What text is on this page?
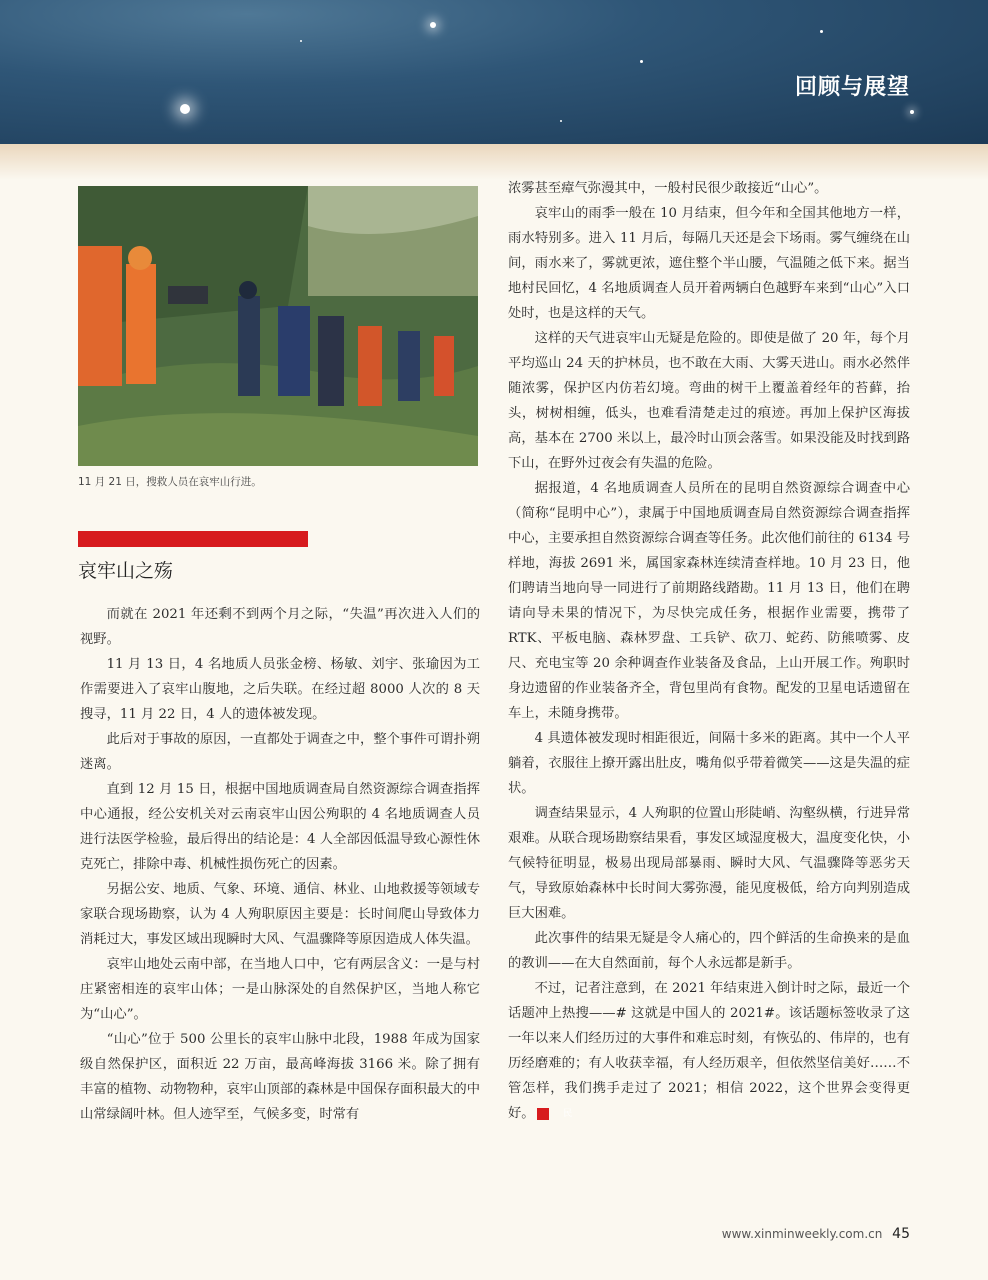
回顾与展望
11 月 21 日，搜救人员在哀牢山行进。
哀牢山之殇

而就在 2021 年还剩不到两个月之际，“失温”再次进入人们的视野。

11 月 13 日，4 名地质人员张金榜、杨敏、刘宇、张瑜因为工作需要进入了哀牢山腹地，之后失联。在经过超 8000 人次的 8 天搜寻，11 月 22 日，4 人的遗体被发现。

此后对于事故的原因，一直都处于调查之中，整个事件可谓扑朔迷离。

直到 12 月 15 日，根据中国地质调查局自然资源综合调查指挥中心通报，经公安机关对云南哀牢山因公殉职的 4 名地质调查人员进行法医学检验，最后得出的结论是：4 人全部因低温导致心源性休克死亡，排除中毒、机械性损伤死亡的因素。

另据公安、地质、气象、环境、通信、林业、山地救援等领域专家联合现场勘察，认为 4 人殉职原因主要是：长时间爬山导致体力消耗过大，事发区域出现瞬时大风、气温骤降等原因造成人体失温。

哀牢山地处云南中部，在当地人口中，它有两层含义：一是与村庄紧密相连的哀牢山体；一是山脉深处的自然保护区，当地人称它为“山心”。

“山心”位于 500 公里长的哀牢山脉中北段，1988 年成为国家级自然保护区，面积近 22 万亩，最高峰海拔 3166 米。除了拥有丰富的植物、动物物种，哀牢山顶部的森林是中国保存面积最大的中山常绿阔叶林。但人迹罕至，气候多变，时常有

浓雾甚至瘴气弥漫其中，一般村民很少敢接近“山心”。

哀牢山的雨季一般在 10 月结束，但今年和全国其他地方一样，雨水特别多。进入 11 月后，每隔几天还是会下场雨。雾气缠绕在山间，雨水来了，雾就更浓，遮住整个半山腰，气温随之低下来。据当地村民回忆，4 名地质调查人员开着两辆白色越野车来到“山心”入口处时，也是这样的天气。

这样的天气进哀牢山无疑是危险的。即使是做了 20 年，每个月平均巡山 24 天的护林员，也不敢在大雨、大雾天进山。雨水必然伴随浓雾，保护区内仿若幻境。弯曲的树干上覆盖着经年的苔藓，抬头，树树相缠，低头，也难看清楚走过的痕迹。再加上保护区海拔高，基本在 2700 米以上，最冷时山顶会落雪。如果没能及时找到路下山，在野外过夜会有失温的危险。

据报道，4 名地质调查人员所在的昆明自然资源综合调查中心（简称“昆明中心”），隶属于中国地质调查局自然资源综合调查指挥中心，主要承担自然资源综合调查等任务。此次他们前往的 6134 号样地，海拔 2691 米，属国家森林连续清查样地。10 月 23 日，他们聘请当地向导一同进行了前期路线踏勘。11 月 13 日，他们在聘请向导未果的情况下，为尽快完成任务，根据作业需要，携带了 RTK、平板电脑、森林罗盘、工兵铲、砍刀、蛇药、防熊喷雾、皮尺、充电宝等 20 余种调查作业装备及食品，上山开展工作。殉职时身边遗留的作业装备齐全，背包里尚有食物。配发的卫星电话遗留在车上，未随身携带。

4 具遗体被发现时相距很近，间隔十多米的距离。其中一个人平躺着，衣服往上撩开露出肚皮，嘴角似乎带着微笑——这是失温的症状。

调查结果显示，4 人殉职的位置山形陡峭、沟壑纵横，行进异常艰难。从联合现场勘察结果看，事发区域湿度极大，温度变化快，小气候特征明显，极易出现局部暴雨、瞬时大风、气温骤降等恶劣天气，导致原始森林中长时间大雾弥漫，能见度极低，给方向判别造成巨大困难。

此次事件的结果无疑是令人痛心的，四个鲜活的生命换来的是血的教训——在大自然面前，每个人永远都是新手。

不过，记者注意到，在 2021 年结束进入倒计时之际，最近一个话题冲上热搜——# 这就是中国人的 2021#。该话题标签收录了这一年以来人们经历过的大事件和难忘时刻，有恢弘的、伟岸的，也有历经磨难的；有人收获幸福，有人经历艰辛，但依然坚信美好……不管怎样，我们携手走过了 2021；相信 2022，这个世界会变得更好。	民

www.xinminweekly.com.cn 45
